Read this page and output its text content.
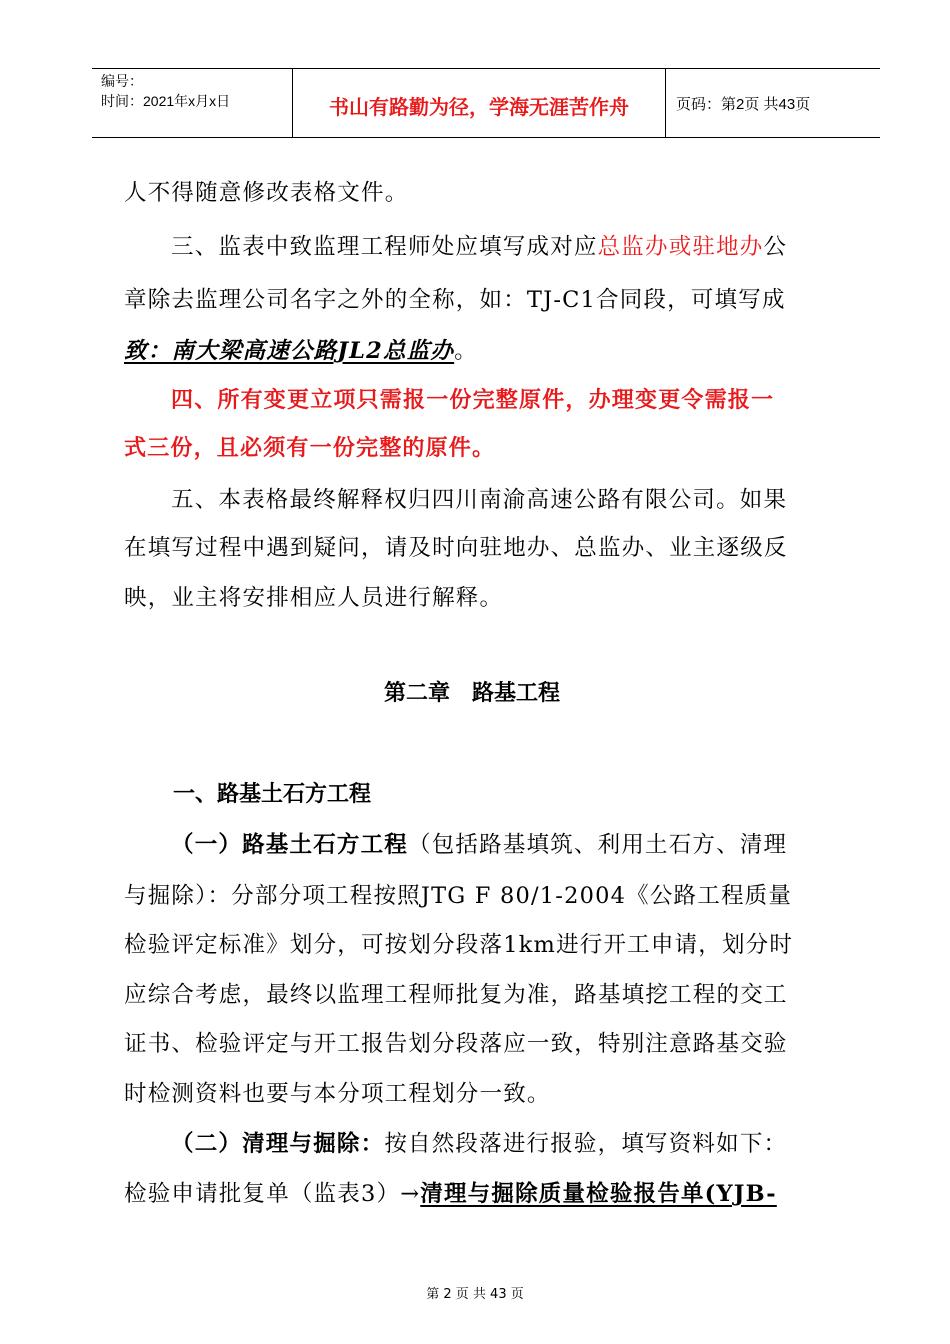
编号：
时间：2021年x月x日	书山有路勤为径，学海无涯苦作舟	页码：第2页 共43页
人不得随意修改表格文件。
三、监表中致监理工程师处应填写成对应总监办或驻地办公
章除去监理公司名字之外的全称，如：TJ-C1合同段，可填写成
致：南大梁高速公路JL2总监办。
四、所有变更立项只需报一份完整原件，办理变更令需报一
式三份，且必须有一份完整的原件。
五、本表格最终解释权归四川南渝高速公路有限公司。如果
在填写过程中遇到疑问，请及时向驻地办、总监办、业主逐级反
映，业主将安排相应人员进行解释。
第二章　路基工程
一、路基土石方工程
（一）路基土石方工程（包括路基填筑、利用土石方、清理
与掘除）：分部分项工程按照JTG F 80/1-2004《公路工程质量
检验评定标准》划分，可按划分段落1km进行开工申请，划分时
应综合考虑，最终以监理工程师批复为准，路基填挖工程的交工
证书、检验评定与开工报告划分段落应一致，特别注意路基交验
时检测资料也要与本分项工程划分一致。
（二）清理与掘除：按自然段落进行报验，填写资料如下：
检验申请批复单（监表3）→清理与掘除质量检验报告单(YJB-
第 2 页 共 43 页
